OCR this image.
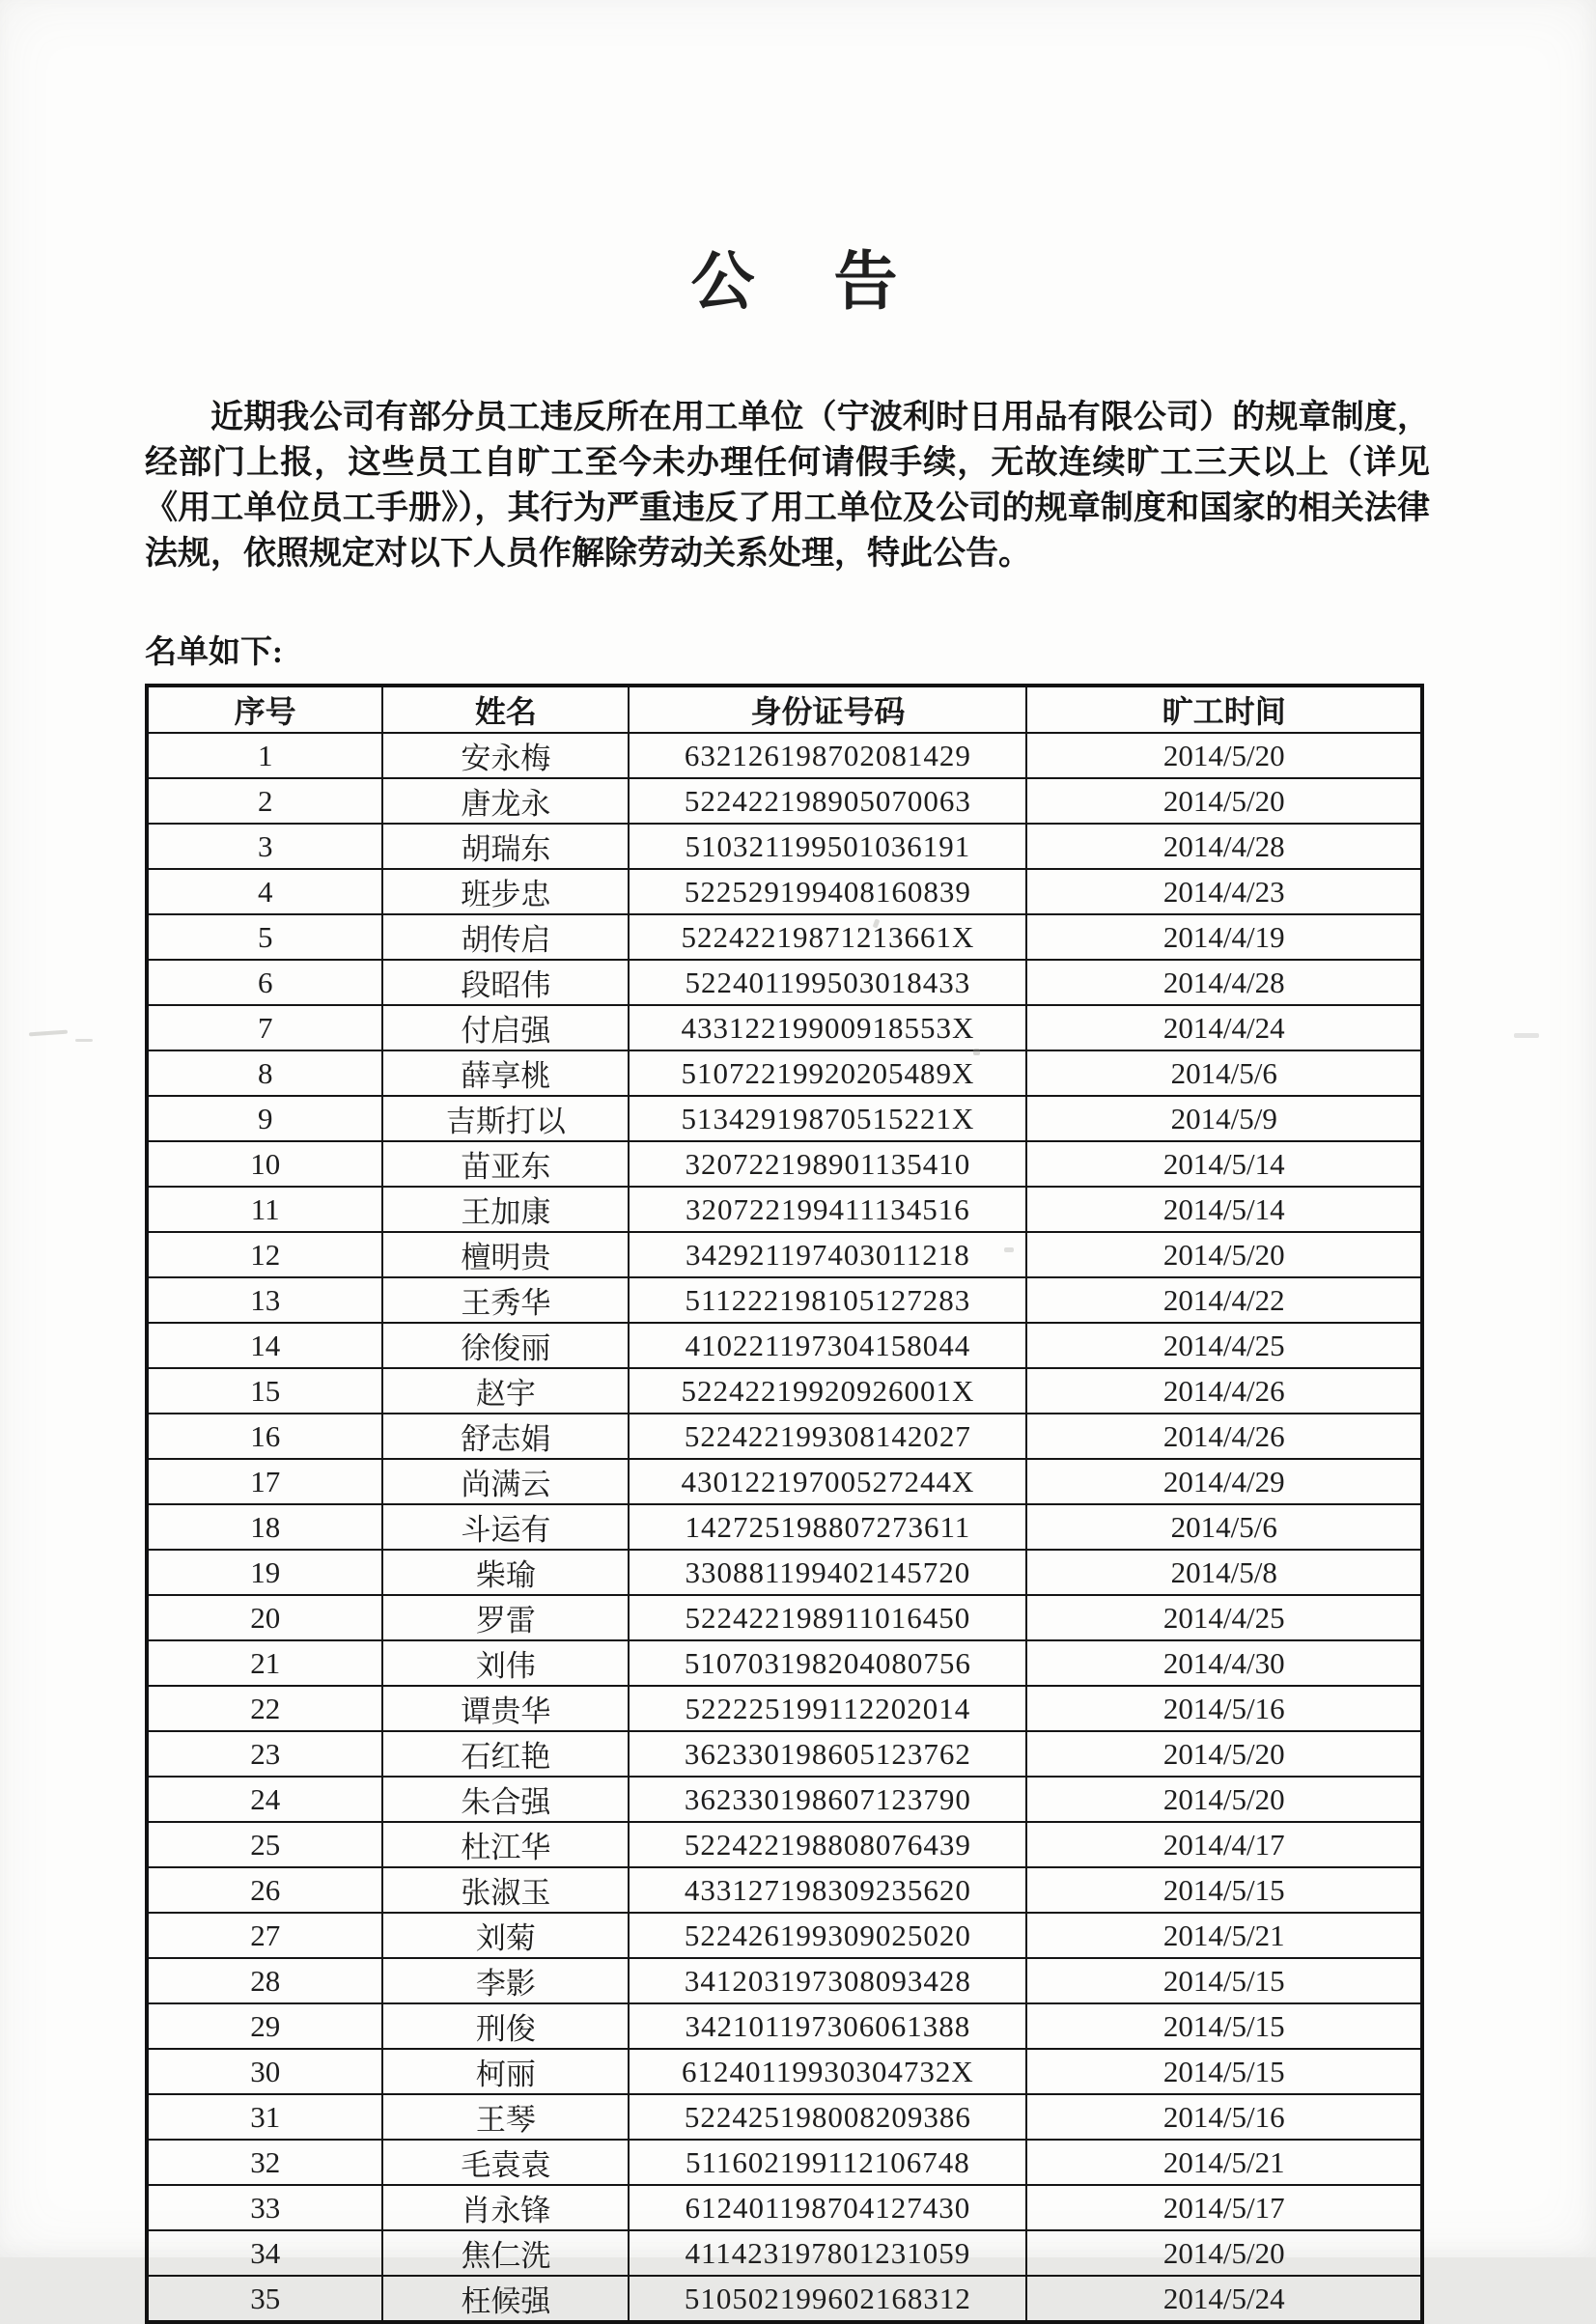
公　告

近期我公司有部分员工违反所在用工单位（宁波利时日用品有限公司）的规章制度，经部门上报，这些员工自旷工至今未办理任何请假手续，无故连续旷工三天以上（详见《用工单位员工手册》），其行为严重违反了用工单位及公司的规章制度和国家的相关法律法规，依照规定对以下人员作解除劳动关系处理，特此公告。

名单如下:
序号	姓名	身份证号码	旷工时间
1	安永梅	632126198702081429	2014/5/20
2	唐龙永	522422198905070063	2014/5/20
3	胡瑞东	510321199501036191	2014/4/28
4	班步忠	522529199408160839	2014/4/23
5	胡传启	52242219871213661X	2014/4/19
6	段昭伟	522401199503018433	2014/4/28
7	付启强	43312219900918553X	2014/4/24
8	薛享桃	51072219920205489X	2014/5/6
9	吉斯打以	51342919870515221X	2014/5/9
10	苗亚东	320722198901135410	2014/5/14
11	王加康	320722199411134516	2014/5/14
12	檀明贵	342921197403011218	2014/5/20
13	王秀华	511222198105127283	2014/4/22
14	徐俊丽	410221197304158044	2014/4/25
15	赵宇	52242219920926001X	2014/4/26
16	舒志娟	522422199308142027	2014/4/26
17	尚满云	43012219700527244X	2014/4/29
18	斗运有	142725198807273611	2014/5/6
19	柴瑜	330881199402145720	2014/5/8
20	罗雷	522422198911016450	2014/4/25
21	刘伟	510703198204080756	2014/4/30
22	谭贵华	522225199112202014	2014/5/16
23	石红艳	362330198605123762	2014/5/20
24	朱合强	362330198607123790	2014/5/20
25	杜江华	522422198808076439	2014/4/17
26	张淑玉	433127198309235620	2014/5/15
27	刘菊	522426199309025020	2014/5/21
28	李影	341203197308093428	2014/5/15
29	刑俊	342101197306061388	2014/5/15
30	柯丽	61240119930304732X	2014/5/15
31	王琴	522425198008209386	2014/5/16
32	毛袁袁	511602199112106748	2014/5/21
33	肖永锋	612401198704127430	2014/5/17
34	焦仁洗	411423197801231059	2014/5/20
35	枉候强	510502199602168312	2014/5/24
